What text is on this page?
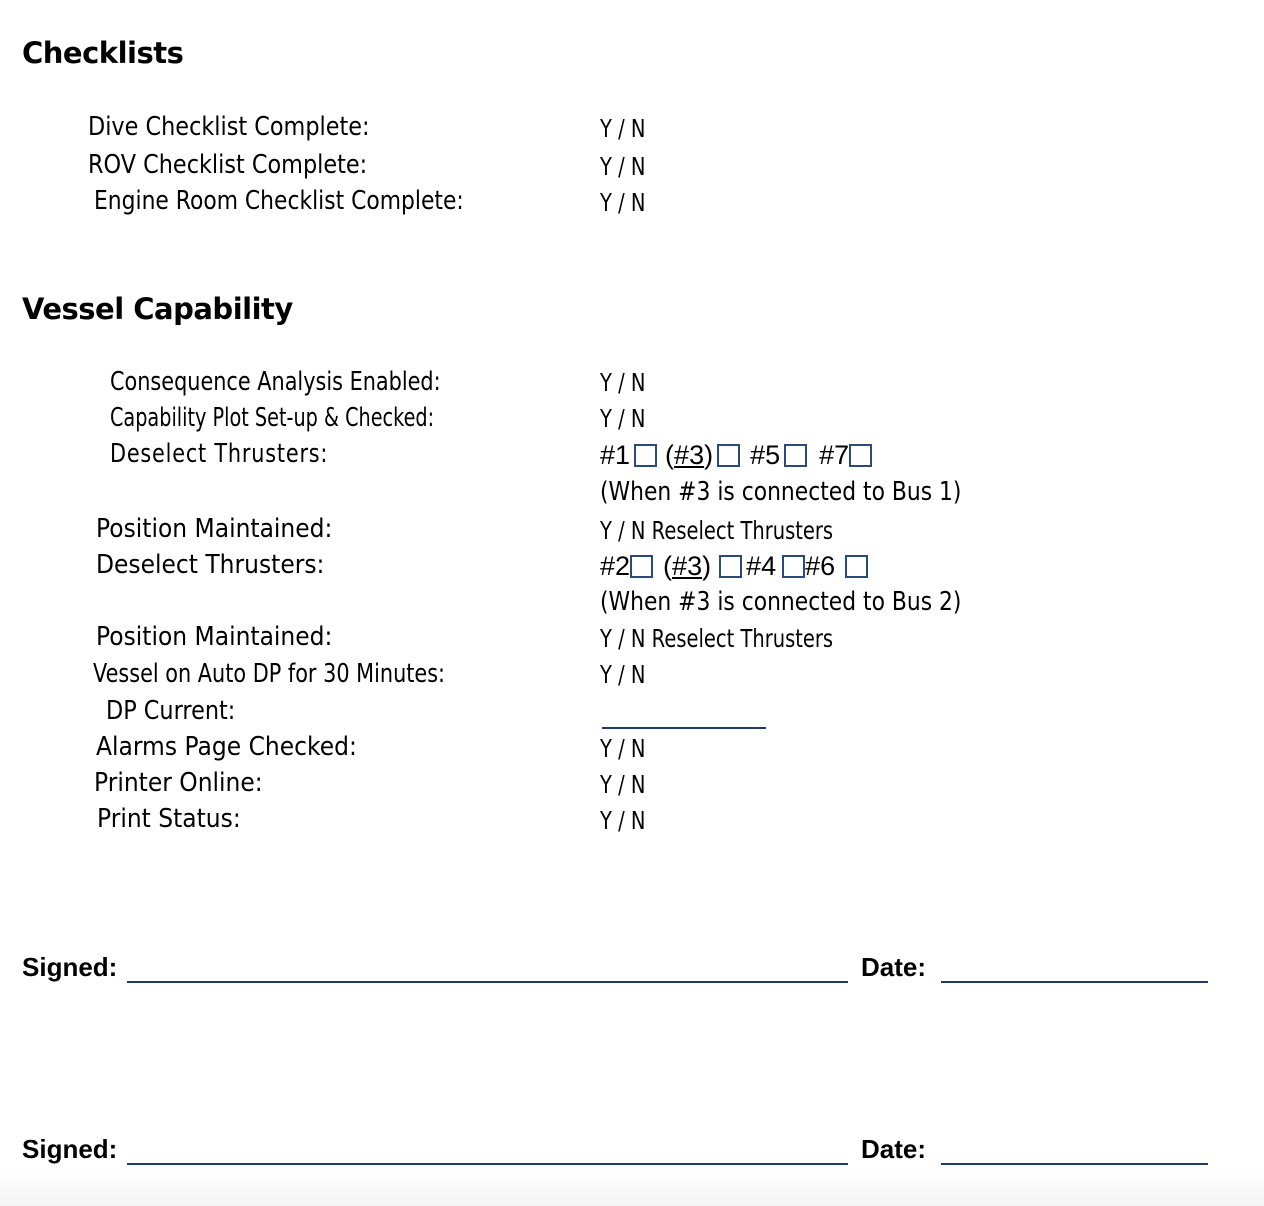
Checklists
Dive Checklist Complete:	Y / N
ROV Checklist Complete:	Y / N
Engine Room Checklist Complete:	Y / N
Vessel Capability
Consequence Analysis Enabled:	Y / N
Capability Plot Set-up & Checked:	Y / N
Deselect Thrusters:	#1 ( #3 ) #5 #7
(When #3 is connected to Bus 1)
Position Maintained:	Y / N Reselect Thrusters
Deselect Thrusters:	#2 ( #3 ) #4 #6
(When #3 is connected to Bus 2)
Position Maintained:	Y / N Reselect Thrusters
Vessel on Auto DP for 30 Minutes:	Y / N
DP Current:
Alarms Page Checked:	Y / N
Printer Online:	Y / N
Print Status:	Y / N
Signed:	Date:
Signed:	Date:
